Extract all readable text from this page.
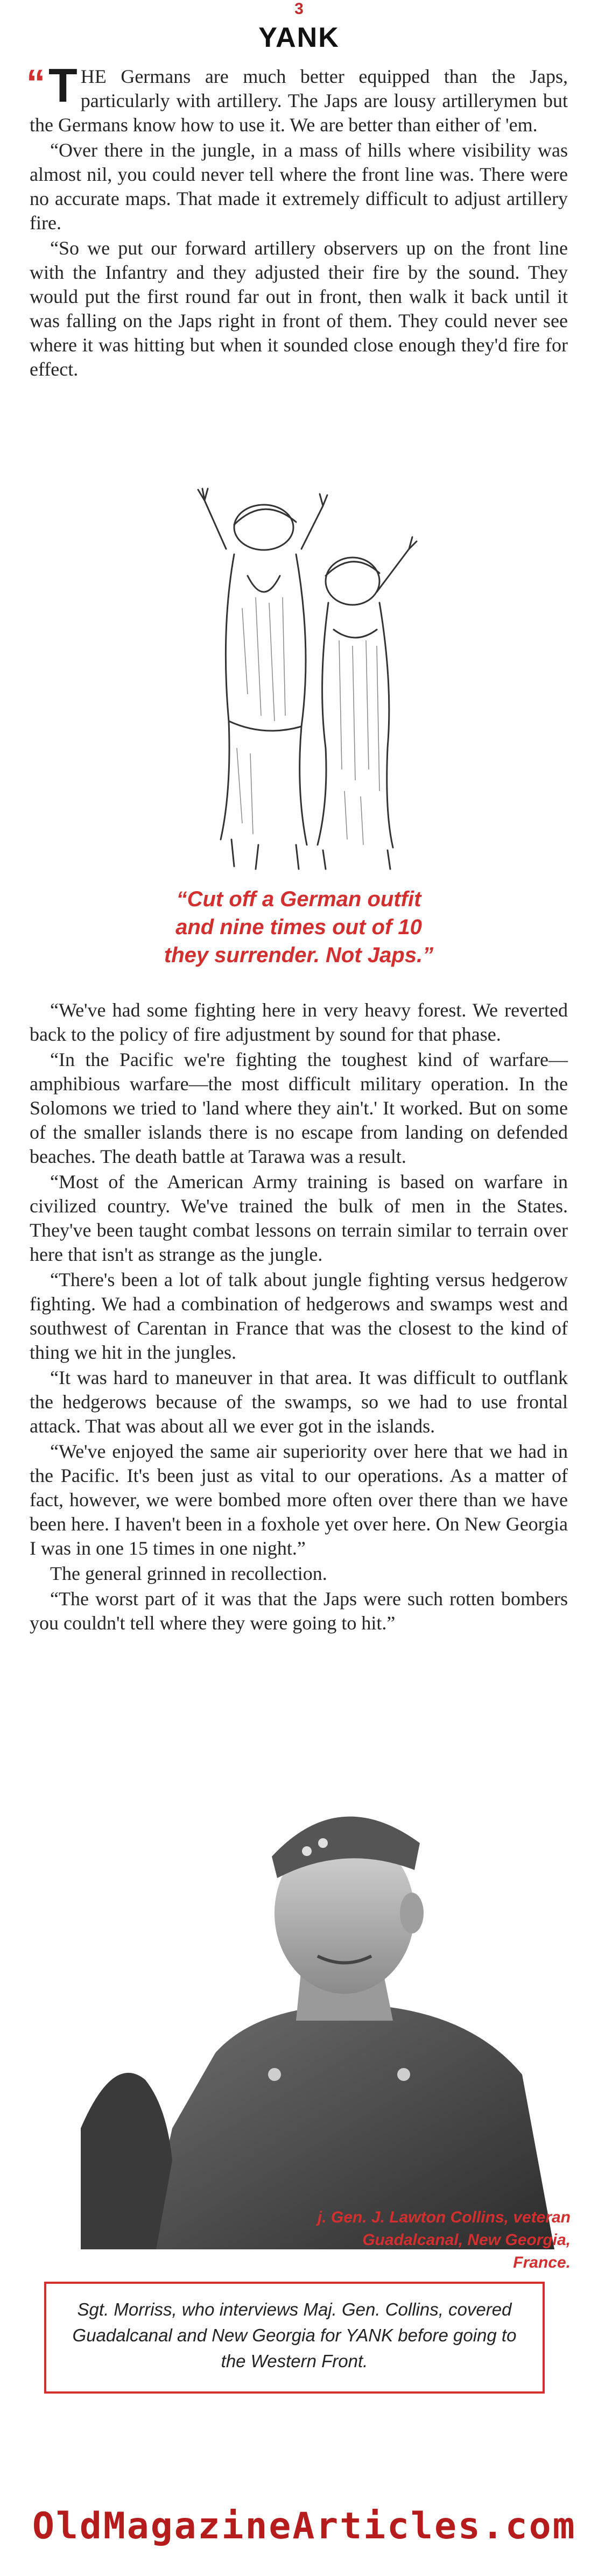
3
YANK

“ T HE Germans are much better equipped than the Japs, particularly with artillery. The Japs are lousy artillerymen but the Germans know how to use it. We are better than either of 'em.

“Over there in the jungle, in a mass of hills where visibility was almost nil, you could never tell where the front line was. There were no accurate maps. That made it extremely difficult to adjust artillery fire.

“So we put our forward artillery observers up on the front line with the Infantry and they adjusted their fire by the sound. They would put the first round far out in front, then walk it back until it was falling on the Japs right in front of them. They could never see where it was hitting but when it sounded close enough they'd fire for effect.

“Cut off a German outfit
and nine times out of 10
they surrender. Not Japs.”

“We've had some fighting here in very heavy forest. We reverted back to the policy of fire adjustment by sound for that phase.

“In the Pacific we're fighting the toughest kind of warfare—amphibious warfare—the most difficult military operation. In the Solomons we tried to 'land where they ain't.' It worked. But on some of the smaller islands there is no escape from landing on defended beaches. The death battle at Tarawa was a result.

“Most of the American Army training is based on warfare in civilized country. We've trained the bulk of men in the States. They've been taught combat lessons on terrain similar to terrain over here that isn't as strange as the jungle.

“There's been a lot of talk about jungle fighting versus hedgerow fighting. We had a combination of hedgerows and swamps west and southwest of Carentan in France that was the closest to the kind of thing we hit in the jungles.

“It was hard to maneuver in that area. It was difficult to outflank the hedgerows because of the swamps, so we had to use frontal attack. That was about all we ever got in the islands.

“We've enjoyed the same air superiority over here that we had in the Pacific. It's been just as vital to our operations. As a matter of fact, however, we were bombed more often over there than we have been here. I haven't been in a foxhole yet over here. On New Georgia I was in one 15 times in one night.”

The general grinned in recollection.

“The worst part of it was that the Japs were such rotten bombers you couldn't tell where they were going to hit.”

j. Gen. J. Lawton Collins, veteran
Guadalcanal, New Georgia, France.
Sgt. Morriss, who interviews Maj. Gen. Collins, covered Guadalcanal and New Georgia for YANK before going to the Western Front.
OldMagazineArticles.com
